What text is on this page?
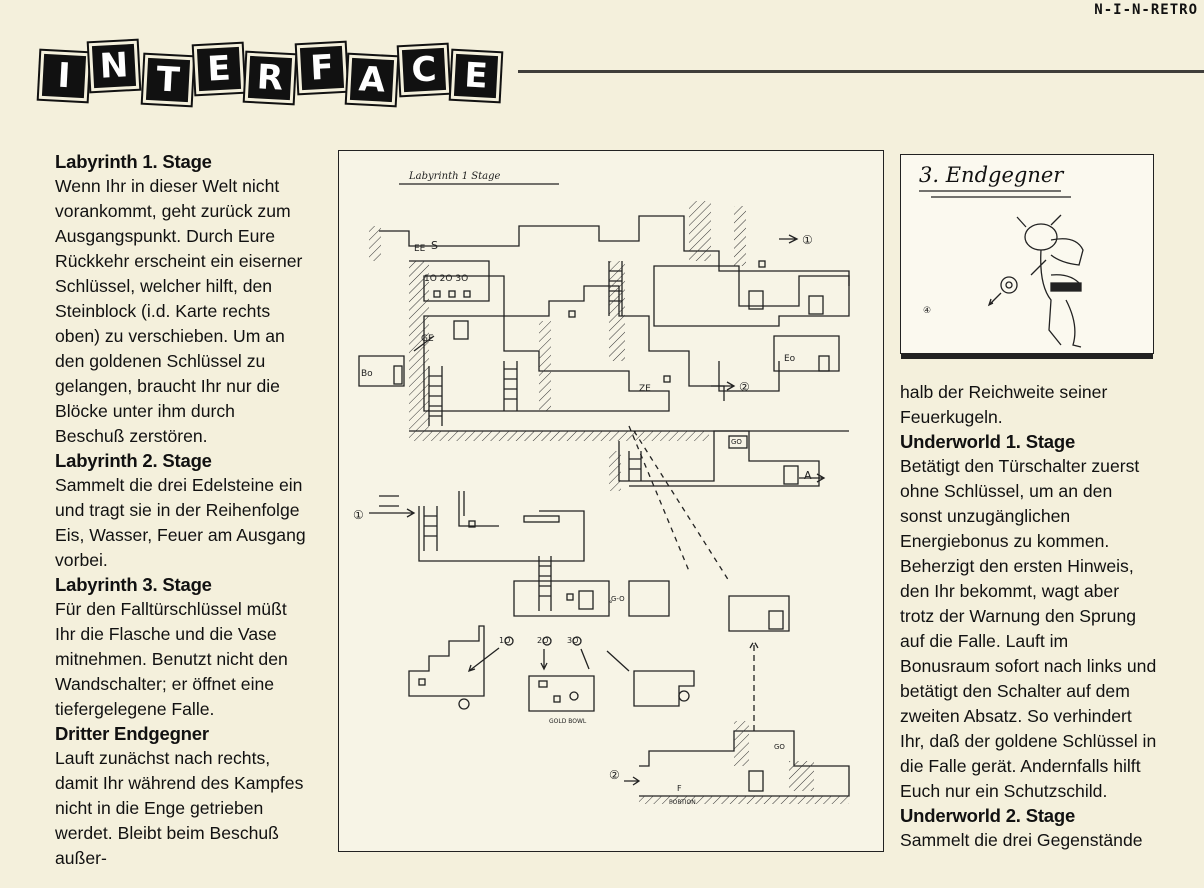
N-I-N-RETRO
I N T E R F A C E
Labyrinth 1. Stage

Wenn Ihr in dieser Welt nicht vorankommt, geht zurück zum Ausgangspunkt. Durch Eure Rückkehr erscheint ein eiserner Schlüssel, welcher hilft, den Steinblock (i.d. Karte rechts oben) zu verschieben. Um an den goldenen Schlüssel zu gelangen, braucht Ihr nur die Blöcke unter ihm durch Beschuß zerstören.

Labyrinth 2. Stage

Sammelt die drei Edelsteine ein und tragt sie in der Reihenfolge Eis, Wasser, Feuer am Ausgang vorbei.

Labyrinth 3. Stage

Für den Falltürschlüssel müßt Ihr die Flasche und die Vase mitnehmen. Benutzt nicht den Wandschalter; er öffnet eine tiefergelegene Falle.

Dritter Endgegner

Lauft zunächst nach rechts, damit Ihr während des Kampfes nicht in die Enge getrieben werdet. Bleibt beim Beschuß außer-

Labyrinth 1 Stage
EE S
1O 2O 3O
GE
Bo
ZE
Eo
GO
A
①
②
①
G-O
°
1O	2O 3O
GOLD BOWL
②
F
PORTION
GO
3. Endgegner
④

halb der Reichweite seiner Feuerkugeln.

Underworld 1. Stage

Betätigt den Türschalter zuerst ohne Schlüssel, um an den sonst unzugänglichen Energiebonus zu kommen. Beherzigt den ersten Hinweis, den Ihr bekommt, wagt aber trotz der Warnung den Sprung auf die Falle. Lauft im Bonusraum sofort nach links und betätigt den Schalter auf dem zweiten Absatz. So verhindert Ihr, daß der goldene Schlüssel in die Falle gerät. Andernfalls hilft Euch nur ein Schutzschild.

Underworld 2. Stage

Sammelt die drei Gegenstände
